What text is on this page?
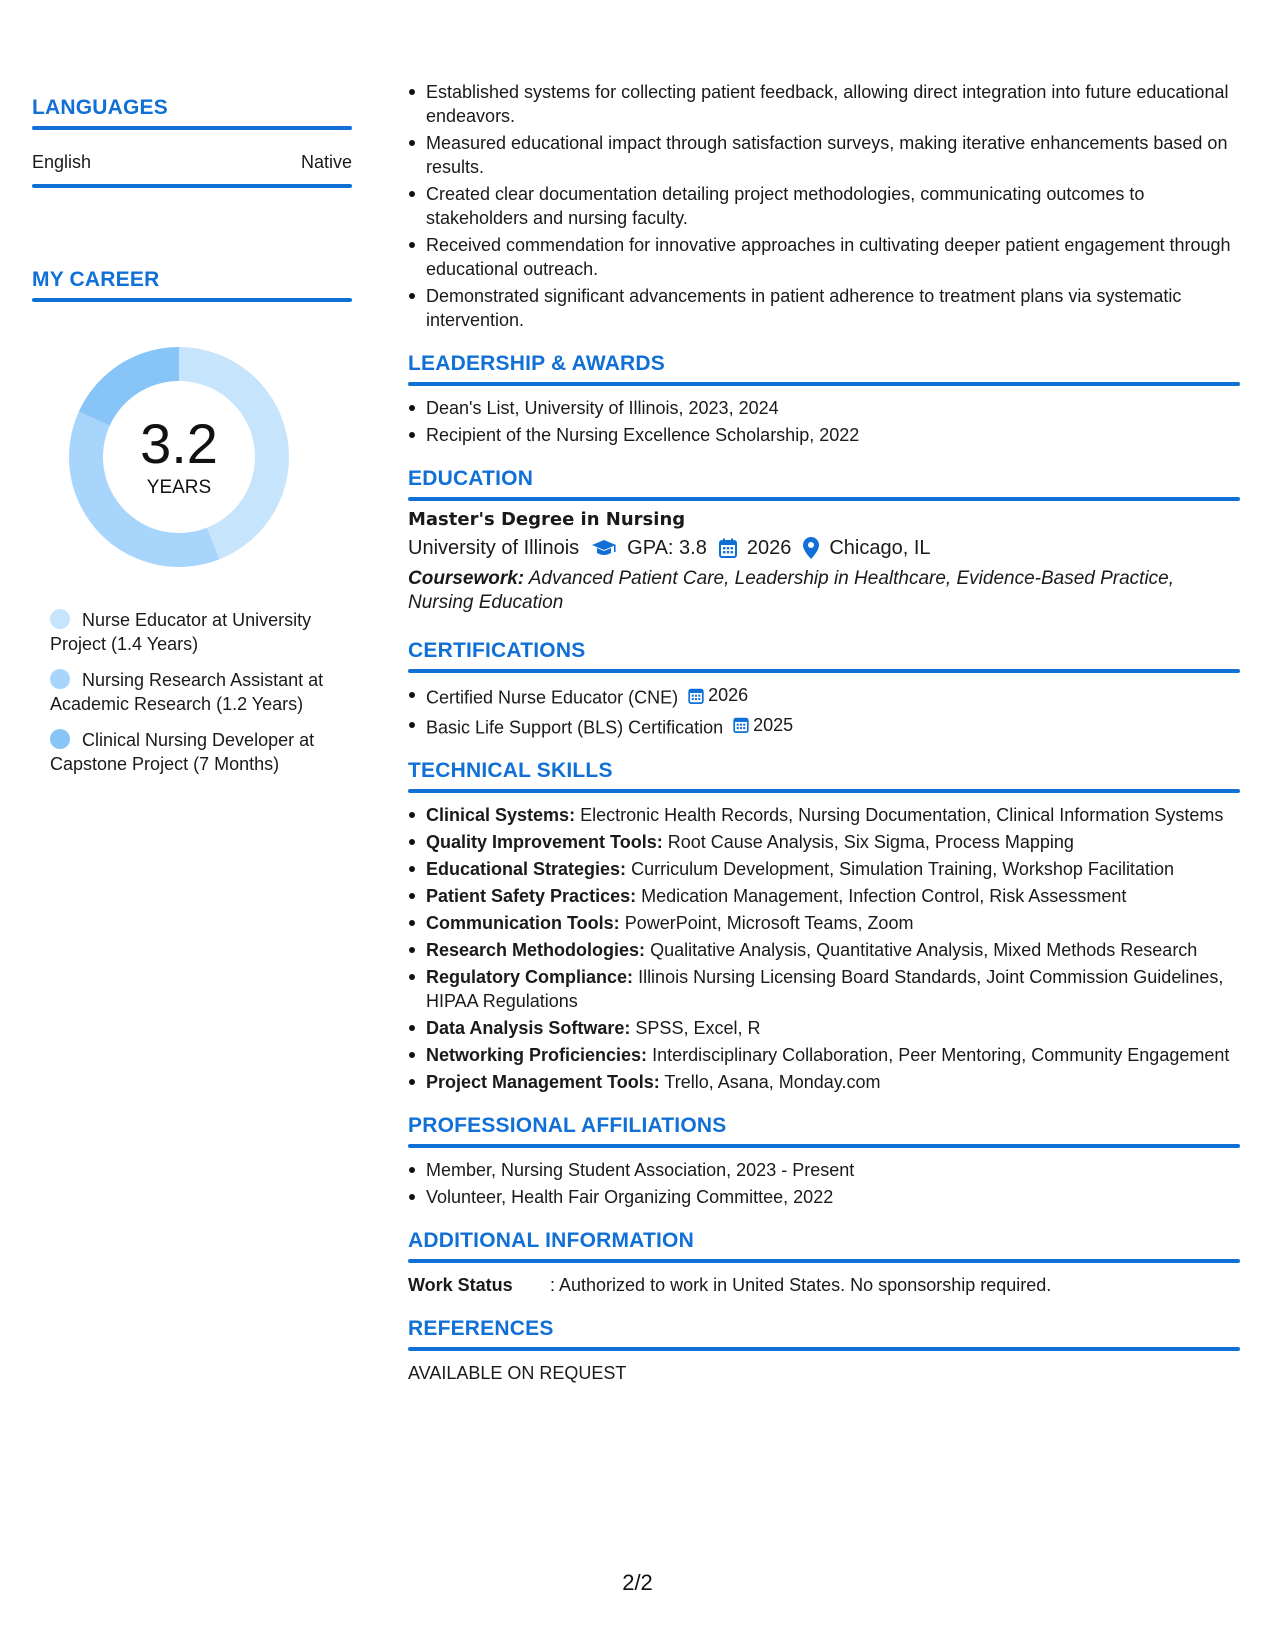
LANGUAGES
English	Native
MY CAREER
3.2
YEARS
Nurse Educator at University Project (1.4 Years)
Nursing Research Assistant at Academic Research (1.2 Years)
Clinical Nursing Developer at Capstone Project (7 Months)
Established systems for collecting patient feedback, allowing direct integration into future educational endeavors.
Measured educational impact through satisfaction surveys, making iterative enhancements based on results.
Created clear documentation detailing project methodologies, communicating outcomes to stakeholders and nursing faculty.
Received commendation for innovative approaches in cultivating deeper patient engagement through educational outreach.
Demonstrated significant advancements in patient adherence to treatment plans via systematic intervention.
LEADERSHIP & AWARDS
Dean's List, University of Illinois, 2023, 2024
Recipient of the Nursing Excellence Scholarship, 2022
EDUCATION
Master's Degree in Nursing
University of Illinois GPA: 3.8 2026 Chicago, IL
Coursework: Advanced Patient Care, Leadership in Healthcare, Evidence-Based Practice, Nursing Education
CERTIFICATIONS
Certified Nurse Educator (CNE) 2026
Basic Life Support (BLS) Certification 2025
TECHNICAL SKILLS
Clinical Systems: Electronic Health Records, Nursing Documentation, Clinical Information Systems
Quality Improvement Tools: Root Cause Analysis, Six Sigma, Process Mapping
Educational Strategies: Curriculum Development, Simulation Training, Workshop Facilitation
Patient Safety Practices: Medication Management, Infection Control, Risk Assessment
Communication Tools: PowerPoint, Microsoft Teams, Zoom
Research Methodologies: Qualitative Analysis, Quantitative Analysis, Mixed Methods Research
Regulatory Compliance: Illinois Nursing Licensing Board Standards, Joint Commission Guidelines, HIPAA Regulations
Data Analysis Software: SPSS, Excel, R
Networking Proficiencies: Interdisciplinary Collaboration, Peer Mentoring, Community Engagement
Project Management Tools: Trello, Asana, Monday.com
PROFESSIONAL AFFILIATIONS
Member, Nursing Student Association, 2023 - Present
Volunteer, Health Fair Organizing Committee, 2022
ADDITIONAL INFORMATION
Work Status	: Authorized to work in United States. No sponsorship required.
REFERENCES
AVAILABLE ON REQUEST
2/2
